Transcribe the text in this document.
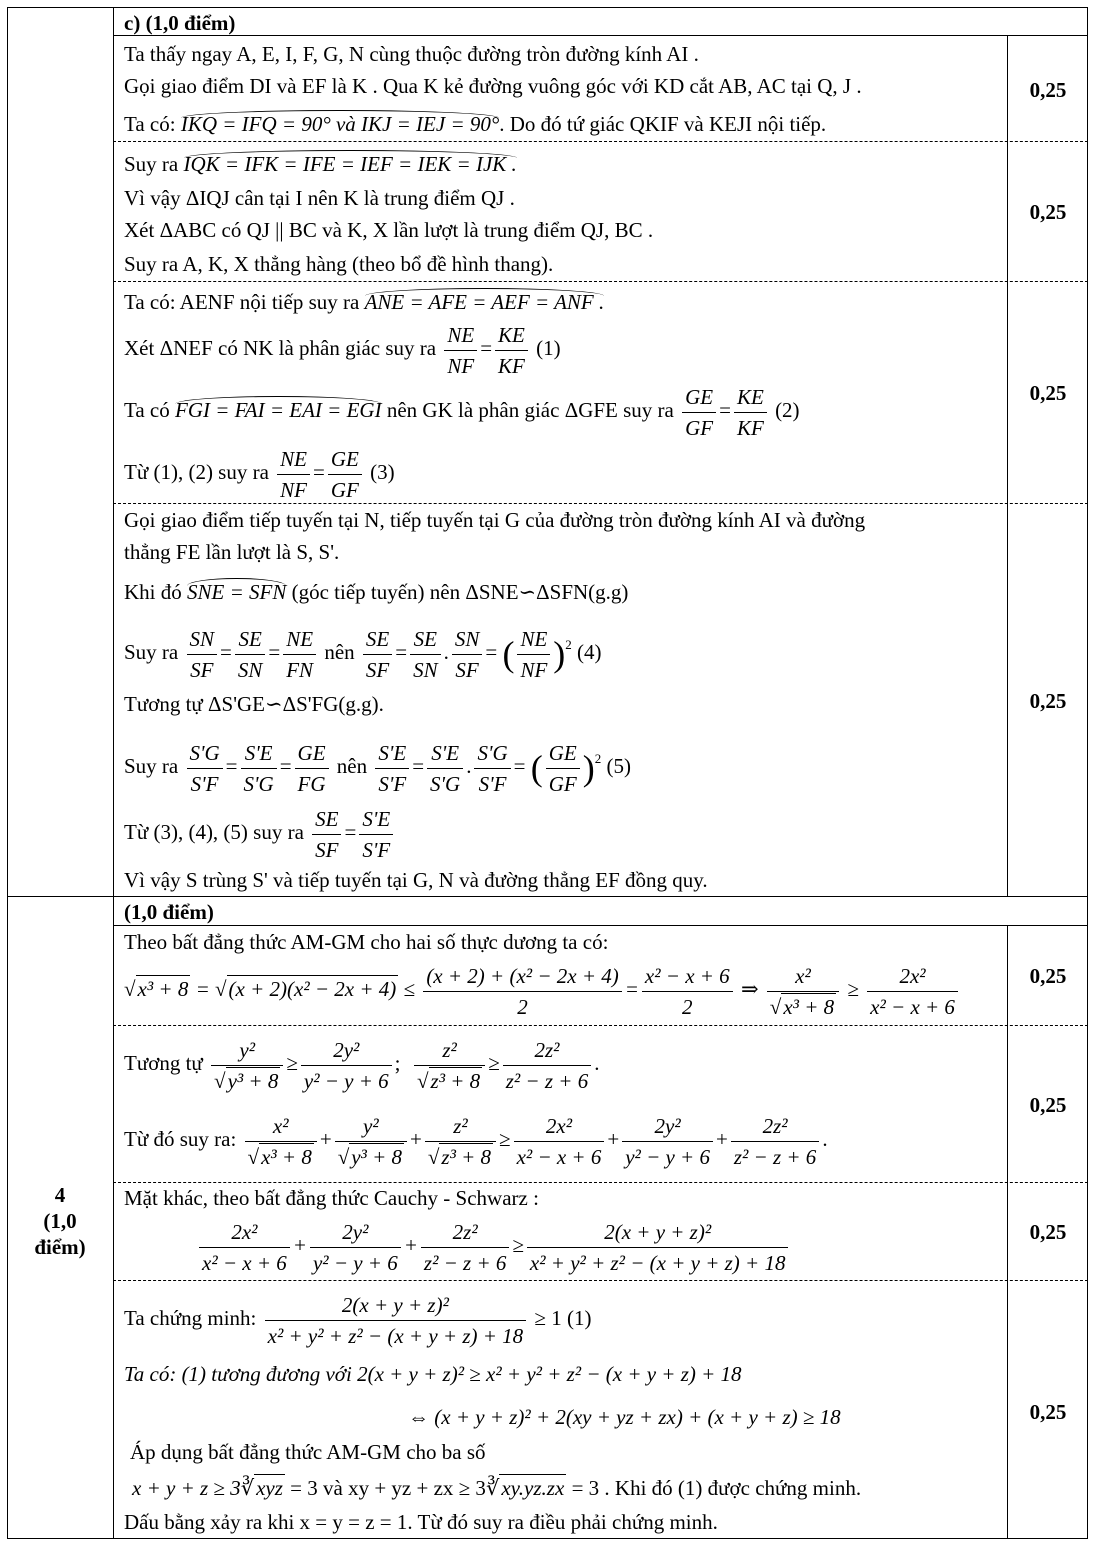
c) (1,0 điểm)
Ta thấy ngay A, E, I, F, G, N cùng thuộc đường tròn đường kính AI .
Gọi giao điểm DI và EF là K . Qua K kẻ đường vuông góc với KD cắt AB, AC tại Q, J .
Ta có: IKQ = IFQ = 90° và IKJ = IEJ = 90°. Do đó tứ giác QKIF và KEJI nội tiếp.
0,25
Suy ra IQK = IFK = IFE = IEF = IEK = IJK .
Vì vậy ΔIQJ cân tại I nên K là trung điểm QJ .
Xét ΔABC có QJ || BC và K, X lần lượt là trung điểm QJ, BC .
Suy ra A, K, X thẳng hàng (theo bổ đề hình thang).
0,25
Ta có: AENF nội tiếp suy ra ANE = AFE = AEF = ANF .
Xét ΔNEF có NK là phân giác suy ra $\frac{NE}{NF} = \frac{KE}{KF} (1)$
Ta có FGI = FAI = EAI = EGI nên GK là phân giác ΔGFE suy ra $\frac{GE}{GF} = \frac{KE}{KF} (2)$
Từ (1), (2) suy ra $\frac{NE}{NF} = \frac{GE}{GF} (3)$
0,25
Gọi giao điểm tiếp tuyến tại N, tiếp tuyến tại G của đường tròn đường kính AI và đường
thẳng FE lần lượt là S, S'.
Khi đó SNE = SFN (góc tiếp tuyến) nên ΔSNE∽ΔSFN(g.g)
Suy ra $\frac{SN}{SF} = \frac{SE}{SN} = \frac{NE}{FN}$ nên $\frac{SE}{SF} = \frac{SE}{SN}$ . $\frac{SN}{SF}$ = ( $\frac{NE}{NF} )^2$ (4)
Tương tự ΔS'GE∽ΔS'FG(g.g).
Suy ra $\frac{S'G}{S'F} = \frac{S'E}{S'G} = \frac{GE}{FG}$ nên $\frac{S'E}{S'F} = \frac{S'E}{S'G}$ . $\frac{S'G}{S'F}$ = ( $\frac{GE}{GF} )^2$ (5)
Từ (3), (4), (5) suy ra $\frac{SE}{SF} = \frac{S'E}{S'F}$
Vì vậy S trùng S' và tiếp tuyến tại G, N và đường thẳng EF đồng quy.
0,25
4
(1,0
điểm)
(1,0 điểm)
Theo bất đẳng thức AM-GM cho hai số thực dương ta có:
$√x^3 + 8 = √(x + 2)(x^2 - 2x + 4) \le \frac{\text{(x + 2) + (x² − 2x + 4)}}{2} = \frac{\text{x² − x + 6}}{2}$ ⇒ $\frac{\text{x²}}{\text{√x³ + 8}} \ge \frac{\text{2x²}}{\text{x² − x + 6}}$	0,25
Tương tự $\frac{\text{y²}}{\text{√y³ + 8}} \ge \frac{\text{2y²}}{\text{y² − y + 6}}$ ; $\frac{\text{z²}}{\text{√z³ + 8}} \ge \frac{\text{2z²}}{\text{z² − z + 6}}$ .
Từ đó suy ra: $\frac{\text{x²}}{\text{√x³ + 8}} + \frac{\text{y²}}{\text{√y³ + 8}} + \frac{\text{z²}}{\text{√z³ + 8}} \ge \frac{\text{2x²}}{\text{x² − x + 6}} + \frac{\text{2y²}}{\text{y² − y + 6}} + \frac{\text{2z²}}{\text{z² − z + 6}}$ .
0,25
Mặt khác, theo bất đẳng thức Cauchy - Schwarz :
$\frac{\text{2x²}}{\text{x² − x + 6}} + \frac{\text{2y²}}{\text{y² − y + 6}} + \frac{\text{2z²}}{\text{z² − z + 6}} \ge \frac{\text{2(x + y + z)²}}{\text{x² + y² + z² − (x + y + z) + 18}}$	0,25
Ta chứng minh: $\frac{\text{2(x + y + z)²}}{\text{x² + y² + z² − (x + y + z) + 18}} \ge 1$ (1)
Ta có: (1) tương đương với 2(x + y + z)² ≥ x² + y² + z² − (x + y + z) + 18
⇔ (x + y + z)² + 2(xy + yz + zx) + (x + y + z) ≥ 18
Áp dụng bất đẳng thức AM-GM cho ba số
x + y + z ≥ 3∛xyz = 3 và xy + yz + zx ≥ 3∛xy.yz.zx = 3 . Khi đó (1) được chứng minh.
Dấu bằng xảy ra khi x = y = z = 1. Từ đó suy ra điều phải chứng minh.
0,25
